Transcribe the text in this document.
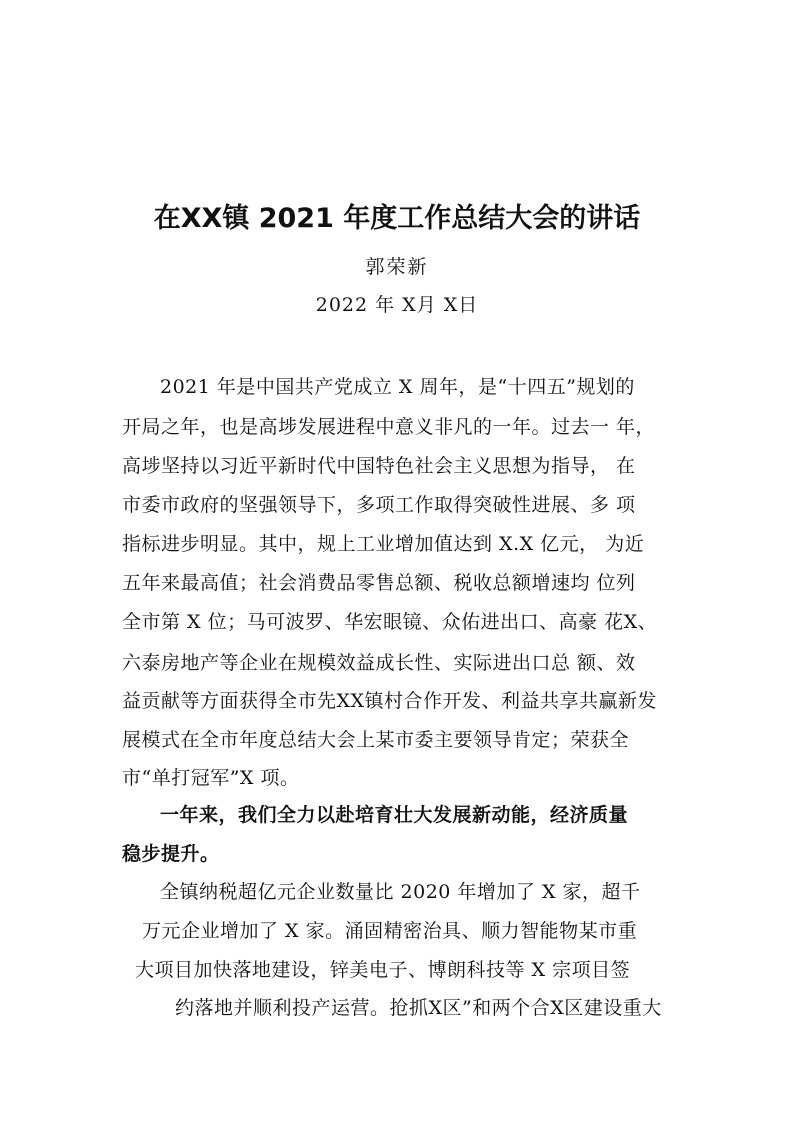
在XX镇 2021 年度工作总结大会的讲话
郭荣新
2022 年 X月 X日
2021 年是中国共产党成立 X 周年，是“十四五”规划的
开局之年，也是高埗发展进程中意义非凡的一年。过去一 年，
高埗坚持以习近平新时代中国特色社会主义思想为指导， 在
市委市政府的坚强领导下，多项工作取得突破性进展、多 项
指标进步明显。其中，规上工业增加值达到 X.X 亿元， 为近
五年来最高值；社会消费品零售总额、税收总额增速均 位列
全市第 X 位；马可波罗、华宏眼镜、众佑进出口、高豪 花X、
六泰房地产等企业在规模效益成长性、实际进出口总 额、效
益贡献等方面获得全市先XX镇村合作开发、利益共享共赢新发
展模式在全市年度总结大会上某市委主要领导肯定；荣获全
市“单打冠军”X 项。
一年来，我们全力以赴培育壮大发展新动能，经济质量
稳步提升。
全镇纳税超亿元企业数量比 2020 年增加了 X 家，超千
万元企业增加了 X 家。涌固精密治具、顺力智能物某市重
大项目加快落地建设，锌美电子、博朗科技等 X 宗项目签
约落地并顺利投产运营。抢抓X区”和两个合X区建设重大
